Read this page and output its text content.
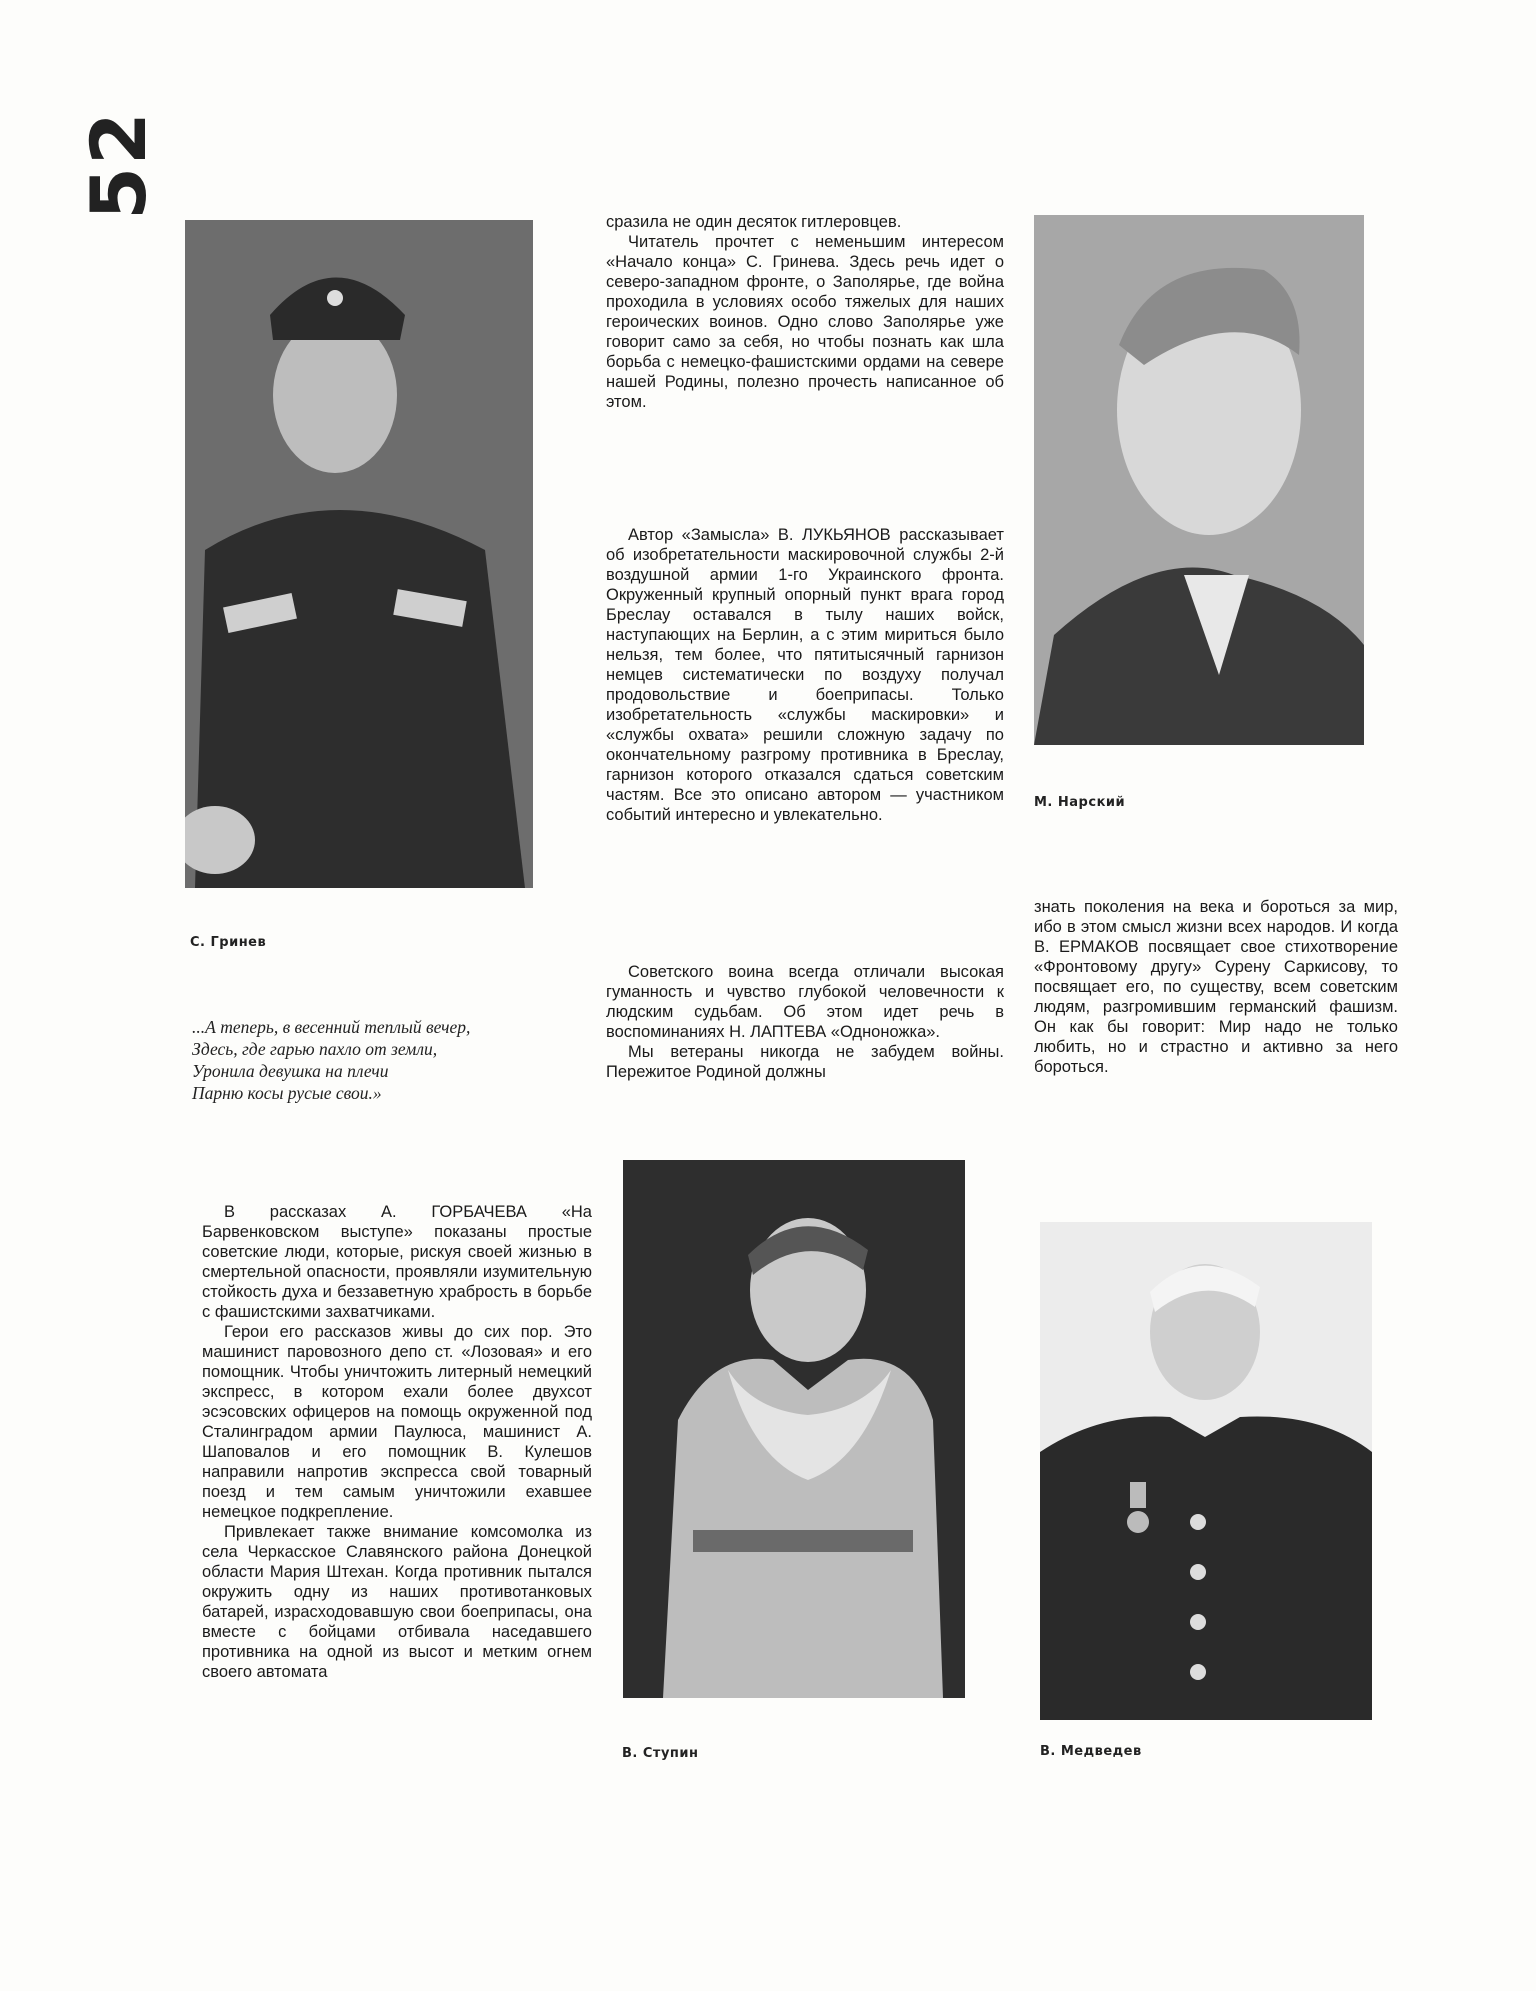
52
С. Гринев
...А теперь, в весенний теплый вечер,
Здесь, где гарью пахло от земли,
Уронила девушка на плечи
Парню косы русые свои.»

сразила не один десяток гитлеровцев.

Читатель прочтет с неменьшим интересом «Начало конца» С. Гринева. Здесь речь идет о северо-западном фронте, о Заполярье, где война проходила в условиях особо тяжелых для наших героических воинов. Одно слово Заполярье уже говорит само за себя, но чтобы познать как шла борьба с немецко-фашистскими ордами на севере нашей Родины, полезно прочесть написанное об этом.

Автор «Замысла» В. ЛУКЬЯНОВ рассказывает об изобретательности маскировочной службы 2-й воздушной армии 1-го Украинского фронта. Окруженный крупный опорный пункт врага город Бреслау оставался в тылу наших войск, наступающих на Берлин, а с этим мириться было нельзя, тем более, что пятитысячный гарнизон немцев систематически по воздуху получал продовольствие и боеприпасы. Только изобретательность «службы маскировки» и «службы охвата» решили сложную задачу по окончательному разгрому противника в Бреслау, гарнизон которого отказался сдаться советским частям. Все это описано автором — участником событий интересно и увлекательно.

Советского воина всегда отличали высокая гуманность и чувство глубокой человечности к людским судьбам. Об этом идет речь в воспоминаниях Н. ЛАПТЕВА «Одноножка».

Мы ветераны никогда не забудем войны. Пережитое Родиной должны

М. Нарский

знать поколения на века и бороться за мир, ибо в этом смысл жизни всех народов. И когда В. ЕРМАКОВ посвящает свое стихотворение «Фронтовому другу» Сурену Саркисову, то посвящает его, по существу, всем советским людям, разгромившим германский фашизм. Он как бы говорит: Мир надо не только любить, но и страстно и активно за него бороться.

В рассказах А. ГОРБАЧЕВА «На Барвенковском выступе» показаны простые советские люди, которые, рискуя своей жизнью в смертельной опасности, проявляли изумительную стойкость духа и беззаветную храбрость в борьбе с фашистскими захватчиками.

Герои его рассказов живы до сих пор. Это машинист паровозного депо ст. «Лозовая» и его помощник. Чтобы уничтожить литерный немецкий экспресс, в котором ехали более двухсот эсэсовских офицеров на помощь окруженной под Сталинградом армии Паулюса, машинист А. Шаповалов и его помощник В. Кулешов направили напротив экспресса свой товарный поезд и тем самым уничтожили ехавшее немецкое подкрепление.

Привлекает также внимание комсомолка из села Черкасское Славянского района Донецкой области Мария Штехан. Когда противник пытался окружить одну из наших противотанковых батарей, израсходовавшую свои боеприпасы, она вместе с бойцами отбивала наседавшего противника на одной из высот и метким огнем своего автомата

В. Ступин	В. Медведев
